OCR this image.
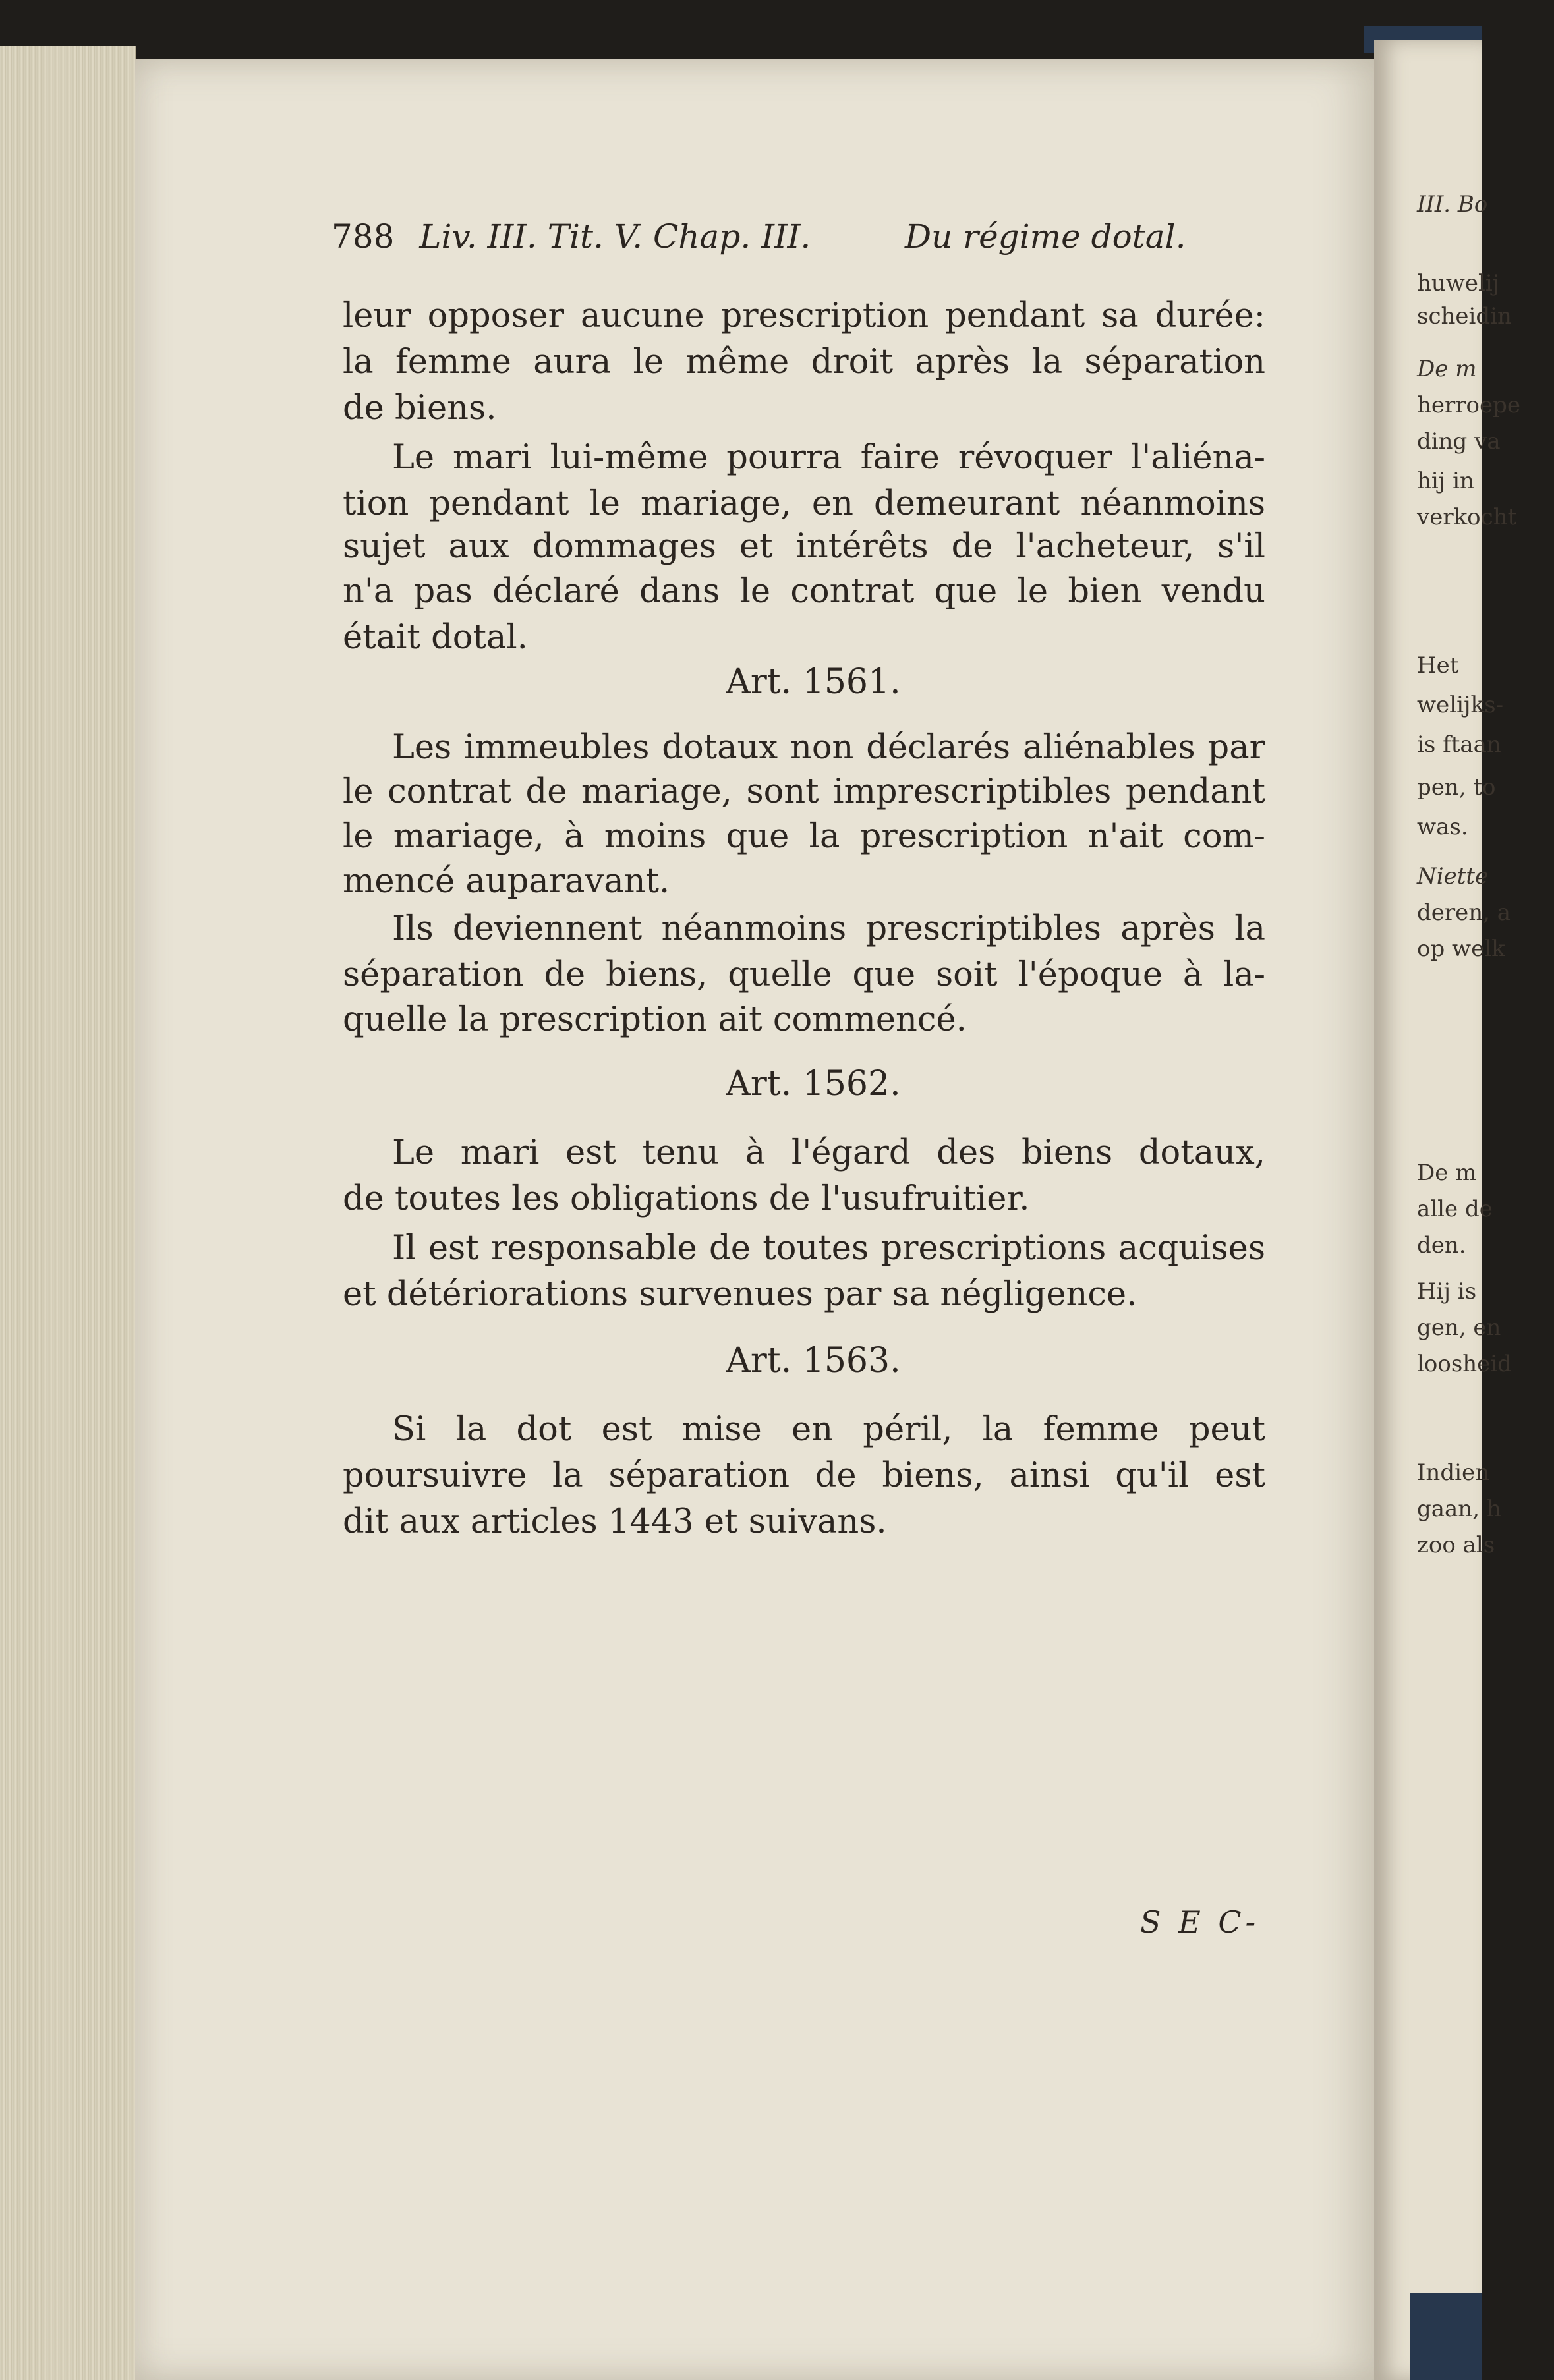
788 Liv. III. Tit. V. Chap. III.	Du régime dotal.
leur opposer aucune prescription pendant sa durée:
la femme aura le même droit après la séparation
de biens.
Le mari lui-même pourra faire révoquer l'aliéna-
tion pendant le mariage, en demeurant néanmoins
sujet aux dommages et intérêts de l'acheteur, s'il
n'a pas déclaré dans le contrat que le bien vendu
était dotal.
Art. 1561.
Les immeubles dotaux non déclarés aliénables par
le contrat de mariage, sont imprescriptibles pendant
le mariage, à moins que la prescription n'ait com-
mencé auparavant.
Ils deviennent néanmoins prescriptibles après la
séparation de biens, quelle que soit l'époque à la-
quelle la prescription ait commencé.
Art. 1562.
Le mari est tenu à l'égard des biens dotaux,
de toutes les obligations de l'usufruitier.
Il est responsable de toutes prescriptions acquises
et détériorations survenues par sa négligence.
Art. 1563.
Si la dot est mise en péril, la femme peut
poursuivre la séparation de biens, ainsi qu'il est
dit aux articles 1443 et suivans.
S E C-
III. Bo
huwelij
scheidin
De m
herroepe
ding va
hij in
verkocht
Het
welijks-
is ftaan
pen, to
was.
Niette
deren, a
op welk
De m
alle de
den.
Hij is
gen, en
loosheid
Indien
gaan, h
zoo als
